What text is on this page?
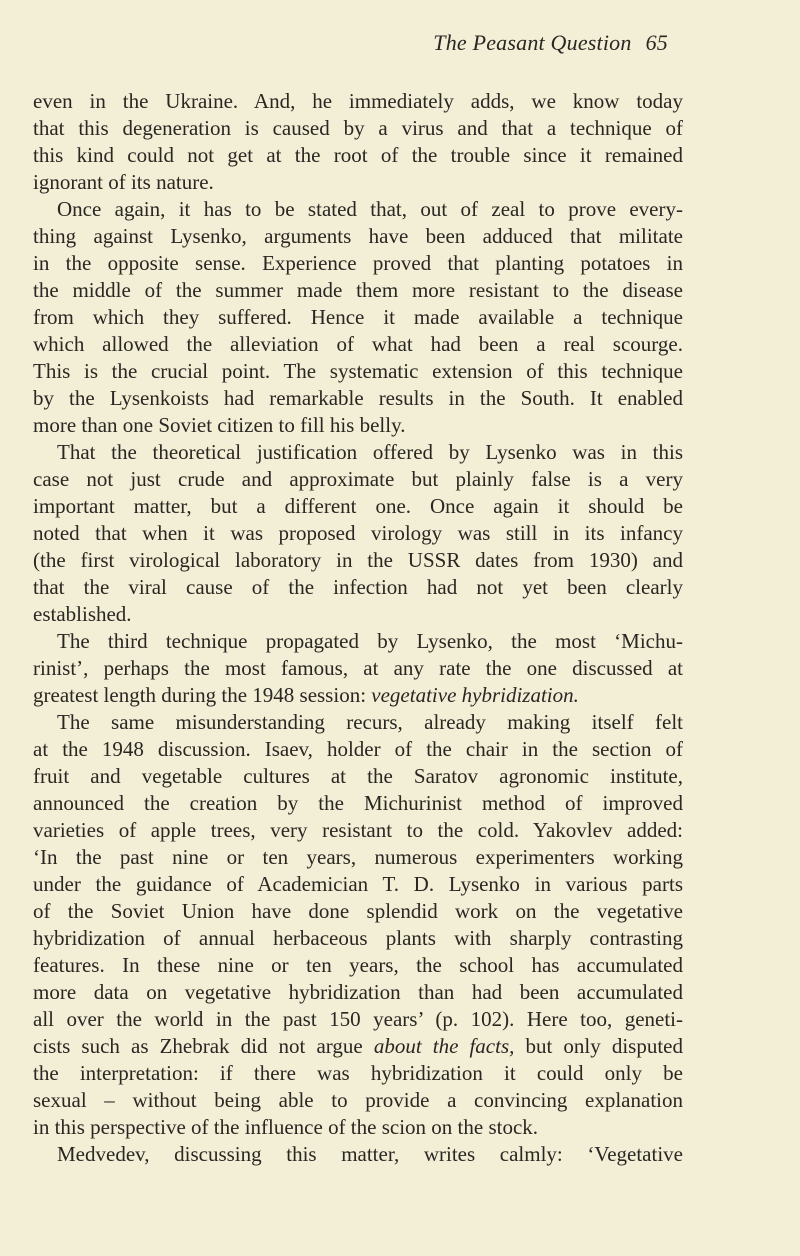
The Peasant Question 65
even in the Ukraine. And, he immediately adds, we know today
that this degeneration is caused by a virus and that a technique of
this kind could not get at the root of the trouble since it remained
ignorant of its nature.
Once again, it has to be stated that, out of zeal to prove every-
thing against Lysenko, arguments have been adduced that militate
in the opposite sense. Experience proved that planting potatoes in
the middle of the summer made them more resistant to the disease
from which they suffered. Hence it made available a technique
which allowed the alleviation of what had been a real scourge.
This is the crucial point. The systematic extension of this technique
by the Lysenkoists had remarkable results in the South. It enabled
more than one Soviet citizen to fill his belly.
That the theoretical justification offered by Lysenko was in this
case not just crude and approximate but plainly false is a very
important matter, but a different one. Once again it should be
noted that when it was proposed virology was still in its infancy
(the first virological laboratory in the USSR dates from 1930) and
that the viral cause of the infection had not yet been clearly
established.
The third technique propagated by Lysenko, the most ‘Michu-
rinist’, perhaps the most famous, at any rate the one discussed at
greatest length during the 1948 session: vegetative hybridization.
The same misunderstanding recurs, already making itself felt
at the 1948 discussion. Isaev, holder of the chair in the section of
fruit and vegetable cultures at the Saratov agronomic institute,
announced the creation by the Michurinist method of improved
varieties of apple trees, very resistant to the cold. Yakovlev added:
‘In the past nine or ten years, numerous experimenters working
under the guidance of Academician T. D. Lysenko in various parts
of the Soviet Union have done splendid work on the vegetative
hybridization of annual herbaceous plants with sharply contrasting
features. In these nine or ten years, the school has accumulated
more data on vegetative hybridization than had been accumulated
all over the world in the past 150 years’ (p. 102). Here too, geneti-
cists such as Zhebrak did not argue about the facts, but only disputed
the interpretation: if there was hybridization it could only be
sexual – without being able to provide a convincing explanation
in this perspective of the influence of the scion on the stock.
Medvedev, discussing this matter, writes calmly: ‘Vegetative
